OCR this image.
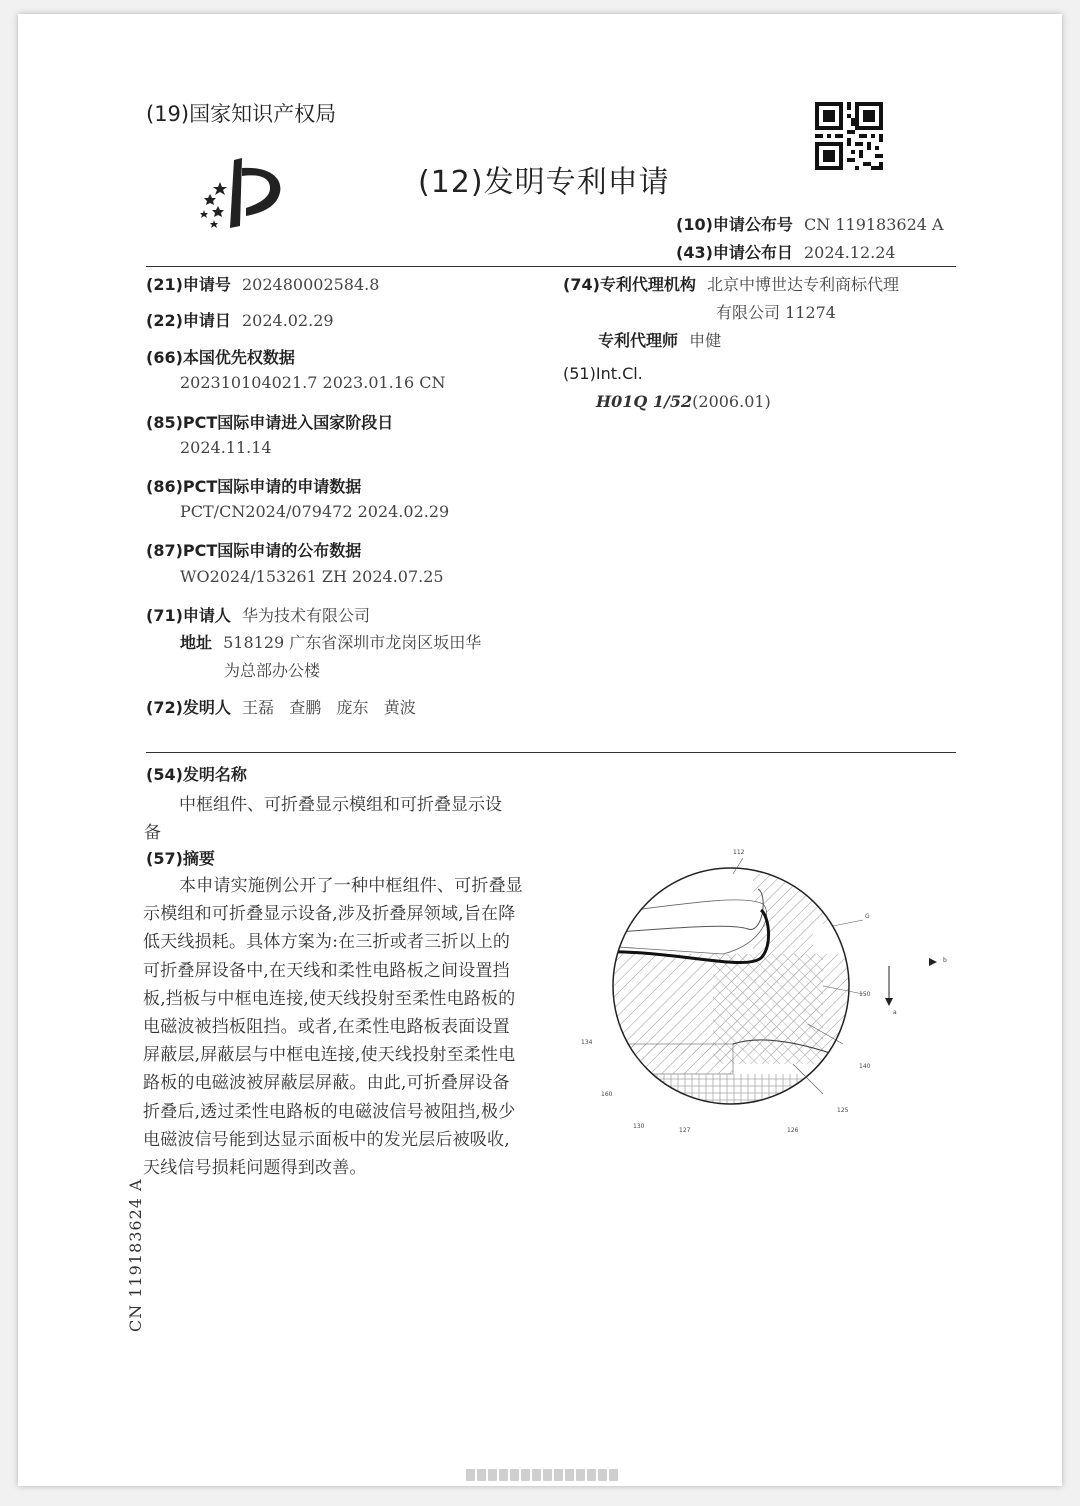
(19)国家知识产权局
(12)发明专利申请
(10)申请公布号 CN 119183624 A
(43)申请公布日 2024.12.24
(21)申请号 202480002584.8
(22)申请日 2024.02.29
(66)本国优先权数据
202310104021.7 2023.01.16 CN
(85)PCT国际申请进入国家阶段日
2024.11.14
(86)PCT国际申请的申请数据
PCT/CN2024/079472 2024.02.29
(87)PCT国际申请的公布数据
WO2024/153261 ZH 2024.07.25
(71)申请人 华为技术有限公司
地址 518129 广东省深圳市龙岗区坂田华
为总部办公楼
(72)发明人 王磊   查鹏   庞东   黄波
(74)专利代理机构 北京中博世达专利商标代理
有限公司 11274
专利代理师 申健
(51)Int.Cl.
H01Q 1/52(2006.01)
(54)发明名称
中框组件、可折叠显示模组和可折叠显示设
备
(57)摘要
本申请实施例公开了一种中框组件、可折叠显示模组和可折叠显示设备,涉及折叠屏领域,旨在降低天线损耗。具体方案为:在三折或者三折以上的可折叠屏设备中,在天线和柔性电路板之间设置挡板,挡板与中框电连接,使天线投射至柔性电路板的电磁波被挡板阻挡。或者,在柔性电路板表面设置屏蔽层,屏蔽层与中框电连接,使天线投射至柔性电路板的电磁波被屏蔽层屏蔽。由此,可折叠屏设备折叠后,透过柔性电路板的电磁波信号被阻挡,极少电磁波信号能到达显示面板中的发光层后被吸收,天线信号损耗问题得到改善。
112
G
b
150
a
134
140
160
125
130
127	126
CN 119183624 A
